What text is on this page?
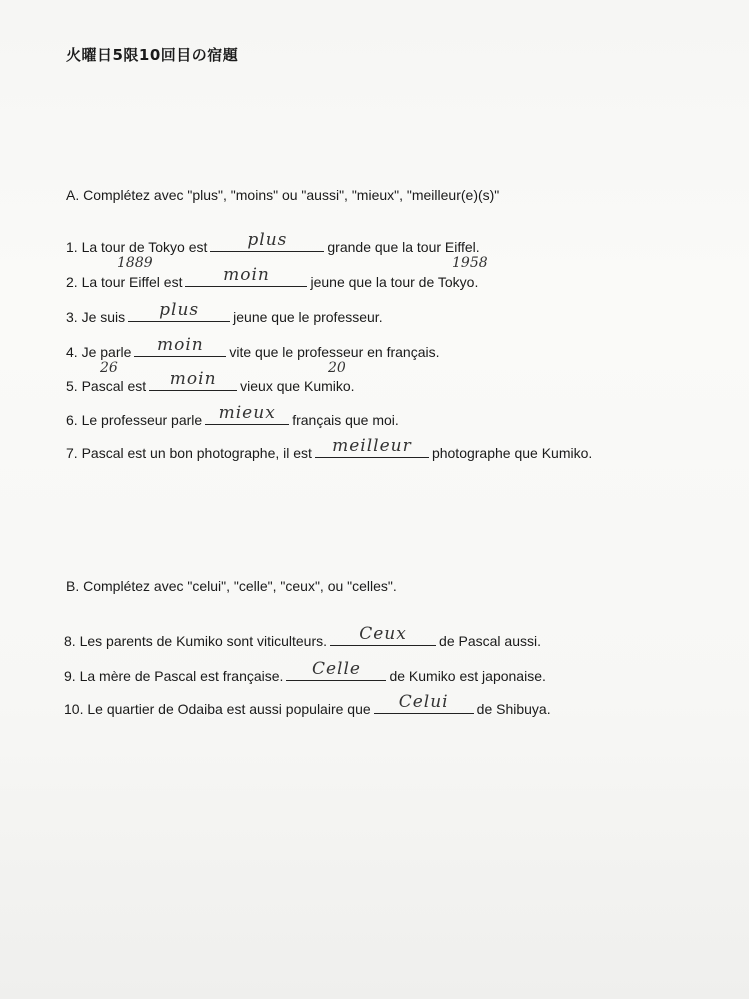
火曜日5限10回目の宿題
A. Complétez avec "plus", "moins" ou "aussi", "mieux", "meilleur(e)(s)"
1. La tour de Tokyo est	plus	grande que la tour Eiffel.
2. La tour Eiffel est	moin	jeune que la tour de Tokyo.
1889	1958
3. Je suis	plus	jeune que le professeur.
4. Je parle	moin	vite que le professeur en français.
5. Pascal est	moin	vieux que Kumiko.
26	20
6. Le professeur parle mieux	français que moi.
7. Pascal est un bon photographe, il est	meilleur	photographe que Kumiko.
B. Complétez avec "celui", "celle", "ceux", ou "celles".
8. Les parents de Kumiko sont viticulteurs.	Ceux	de Pascal aussi.
9. La mère de Pascal est française.	Celle	de Kumiko est japonaise.
10. Le quartier de Odaiba est aussi populaire que	Celui	de Shibuya.
